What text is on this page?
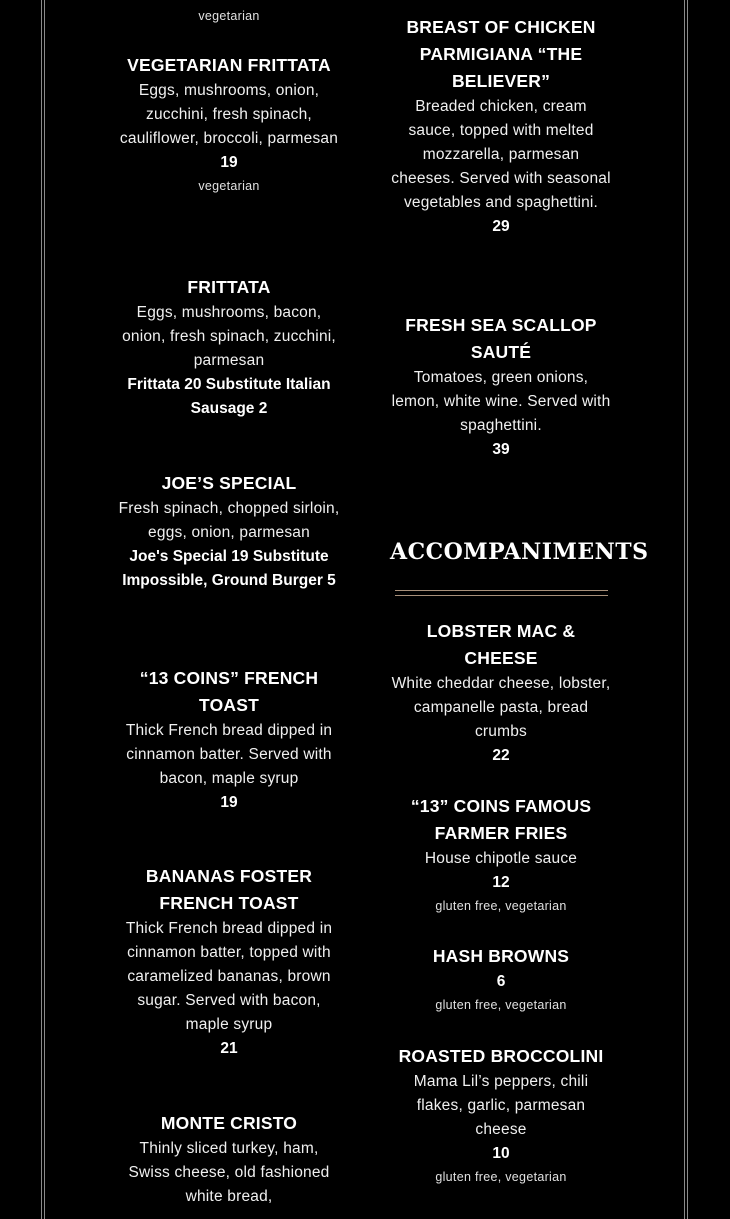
vegetarian
VEGETARIAN FRITTATA
Eggs, mushrooms, onion, zucchini, fresh spinach, cauliflower, broccoli, parmesan
19
vegetarian
FRITTATA
Eggs, mushrooms, bacon, onion, fresh spinach, zucchini, parmesan
Frittata 20 Substitute Italian Sausage 2
JOE’S SPECIAL
Fresh spinach, chopped sirloin, eggs, onion, parmesan
Joe's Special 19 Substitute Impossible, Ground Burger 5
“13 COINS” FRENCH TOAST
Thick French bread dipped in cinnamon batter. Served with bacon, maple syrup
19
BANANAS FOSTER FRENCH TOAST
Thick French bread dipped in cinnamon batter, topped with caramelized bananas, brown sugar. Served with bacon, maple syrup
21
MONTE CRISTO
Thinly sliced turkey, ham, Swiss cheese, old fashioned white bread,
BREAST OF CHICKEN PARMIGIANA “THE BELIEVER”
Breaded chicken, cream sauce, topped with melted mozzarella, parmesan cheeses. Served with seasonal vegetables and spaghettini.
29
FRESH SEA SCALLOP SAUTÉ
Tomatoes, green onions, lemon, white wine. Served with spaghettini.
39
ACCOMPANIMENTS
LOBSTER MAC & CHEESE
White cheddar cheese, lobster, campanelle pasta, bread crumbs
22
“13” COINS FAMOUS FARMER FRIES
House chipotle sauce
12
gluten free, vegetarian
HASH BROWNS
6
gluten free, vegetarian
ROASTED BROCCOLINI
Mama Lil’s peppers, chili flakes, garlic, parmesan cheese
10
gluten free, vegetarian
